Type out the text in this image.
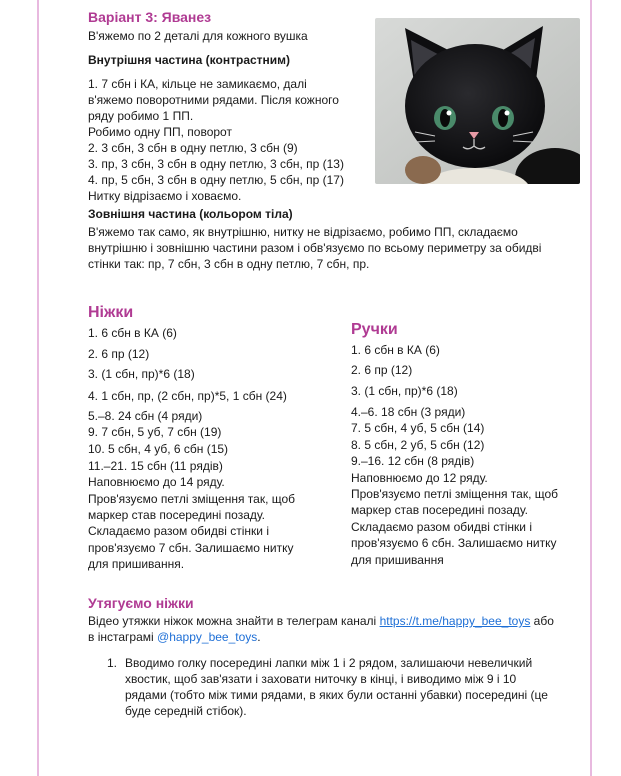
Варіант 3: Яванез
В'яжемо по 2 деталі для кожного вушка
Внутрішня частина (контрастним)
1. 7 сбн і КА, кільце не замикаємо, далі
в'яжемо поворотними рядами. Після кожного
ряду робимо 1 ПП.
Робимо одну ПП, поворот
2. 3 сбн, 3 сбн в одну петлю, 3 сбн (9)
3. пр, 3 сбн, 3 сбн в одну петлю, 3 сбн, пр (13)
4. пр, 5 сбн, 3 сбн в одну петлю, 5 сбн, пр (17)
Нитку відрізаємо і ховаємо.
Зовнішня частина (кольором тіла)
В'яжемо так само, як внутрішню, нитку не відрізаємо, робимо ПП, складаємо
внутрішню і зовнішню частини разом і обв'язуємо по всьому периметру за обидві
стінки так: пр, 7 сбн, 3 сбн в одну петлю, 7 сбн, пр.
Ніжки
1. 6 сбн в КА (6)
2. 6 пр (12)
3. (1 сбн, пр)*6 (18)
4. 1 сбн, пр, (2 сбн, пр)*5, 1 сбн (24)
5.–8. 24 сбн (4 ряди)
9. 7 сбн, 5 уб, 7 сбн (19)
10. 5 сбн, 4 уб, 6 сбн (15)
11.–21. 15 сбн (11 рядів)
Наповнюємо до 14 ряду.
Пров'язуємо петлі зміщення так, щоб
маркер став посередині позаду.
Складаємо разом обидві стінки і
пров'язуємо 7 сбн. Залишаємо нитку
для пришивання.
Ручки
1. 6 сбн в КА (6)
2. 6 пр (12)
3. (1 сбн, пр)*6 (18)
4.–6. 18 сбн (3 ряди)
7. 5 сбн, 4 уб, 5 сбн (14)
8. 5 сбн, 2 уб, 5 сбн (12)
9.–16. 12 сбн (8 рядів)
Наповнюємо до 12 ряду.
Пров'язуємо петлі зміщення так, щоб
маркер став посередині позаду.
Складаємо разом обидві стінки і
пров'язуємо 6 сбн. Залишаємо нитку
для пришивання
Утягуємо ніжки
Відео утяжки ніжок можна знайти в телеграм каналі https://t.me/happy_bee_toys або
в інстаграмі @happy_bee_toys.
1. Вводимо голку посередині лапки між 1 і 2 рядом, залишаючи невеличкий
хвостик, щоб зав'язати і заховати ниточку в кінці, і виводимо між 9 і 10
рядами (тобто між тими рядами, в яких були останні убавки) посередині (це
буде середній стібок).
